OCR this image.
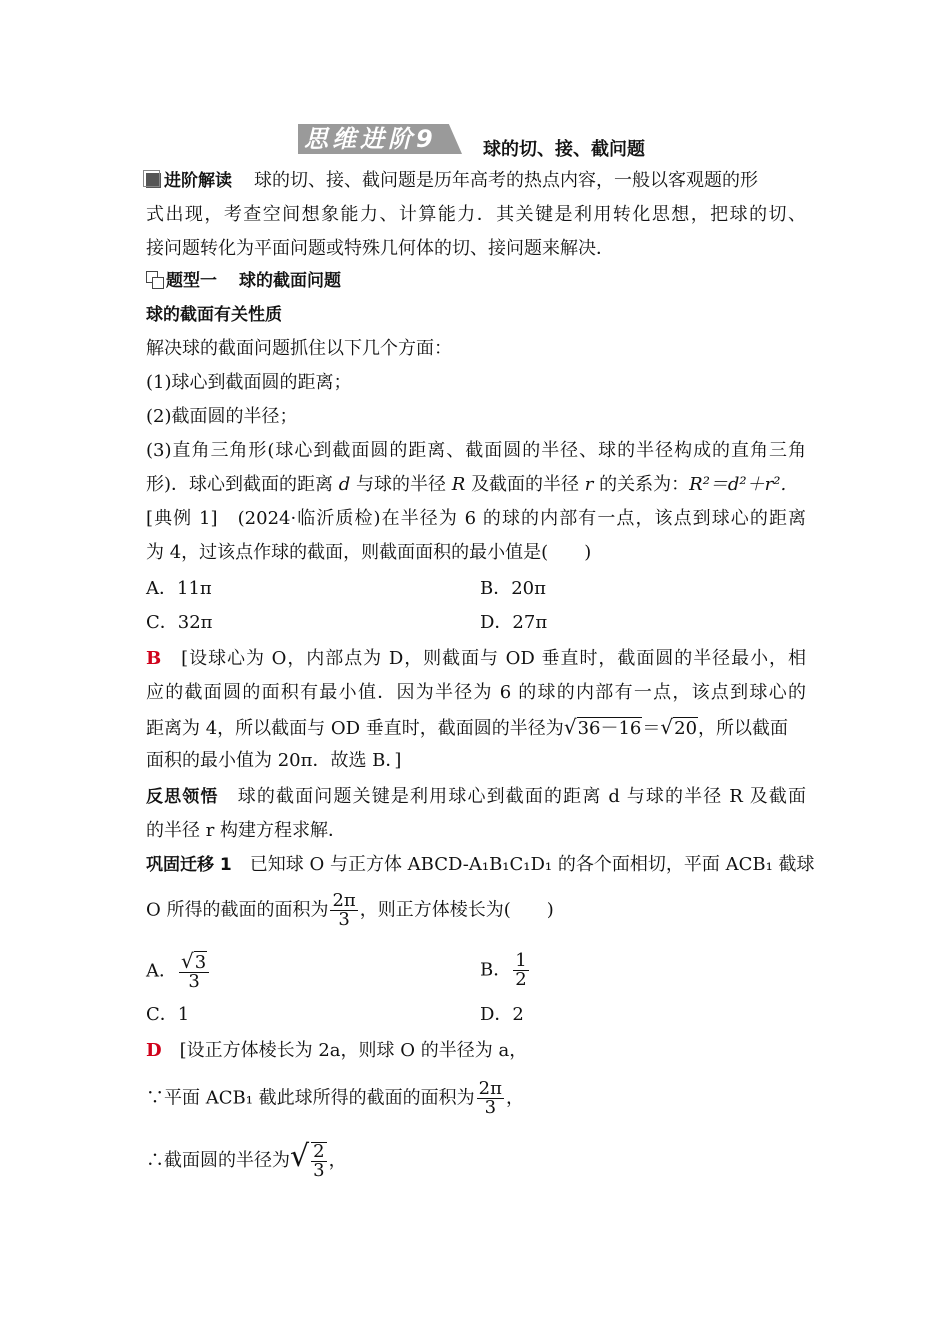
思维进阶9	球的切、接、截问题
进阶解读 球的切、接、截问题是历年高考的热点内容，一般以客观题的形
式出现，考查空间想象能力、计算能力．其关键是利用转化思想，把球的切、
接问题转化为平面问题或特殊几何体的切、接问题来解决．
题型一 球的截面问题
球的截面有关性质
解决球的截面问题抓住以下几个方面：
(1)球心到截面圆的距离；
(2)截面圆的半径；
(3)直角三角形(球心到截面圆的距离、截面圆的半径、球的半径构成的直角三角
形)．球心到截面的距离 d 与球的半径 R 及截面的半径 r 的关系为：R²＝d²＋r².
[典例 1]　 (2024·临沂质检)在半径为 6 的球的内部有一点，该点到球心的距离
为 4，过该点作球的截面，则截面面积的最小值是(　　)
A．11π	B．20π
C．32π	D．27π
B　 [设球心为 O，内部点为 D，则截面与 OD 垂直时，截面圆的半径最小，相
应的截面圆的面积有最小值．因为半径为 6 的球的内部有一点，该点到球心的
距离为 4，所以截面与 OD 垂直时，截面圆的半径为√36－16＝√20，所以截面
面积的最小值为 20π．故选 B．]
反思领悟　 球的截面问题关键是利用球心到截面的距离 d 与球的半径 R 及截面
的半径 r 构建方程求解．
巩固迁移 1　 已知球 O 与正方体 ABCD-A₁B₁C₁D₁ 的各个面相切，平面 ACB₁ 截球
O 所得的截面的面积为 $\frac{2\pi}{3}$ ，则正方体棱长为(　　)
A． $\frac{√3}{3}$	B． $\frac{1}{2}$
C．1	D．2
D　 [设正方体棱长为 2a，则球 O 的半径为 a，
∵平面 ACB₁ 截此球所得的截面的面积为 $\frac{2\pi}{3}$ ，
∴截面圆的半径为√ $\frac{2}{3}$ ，
